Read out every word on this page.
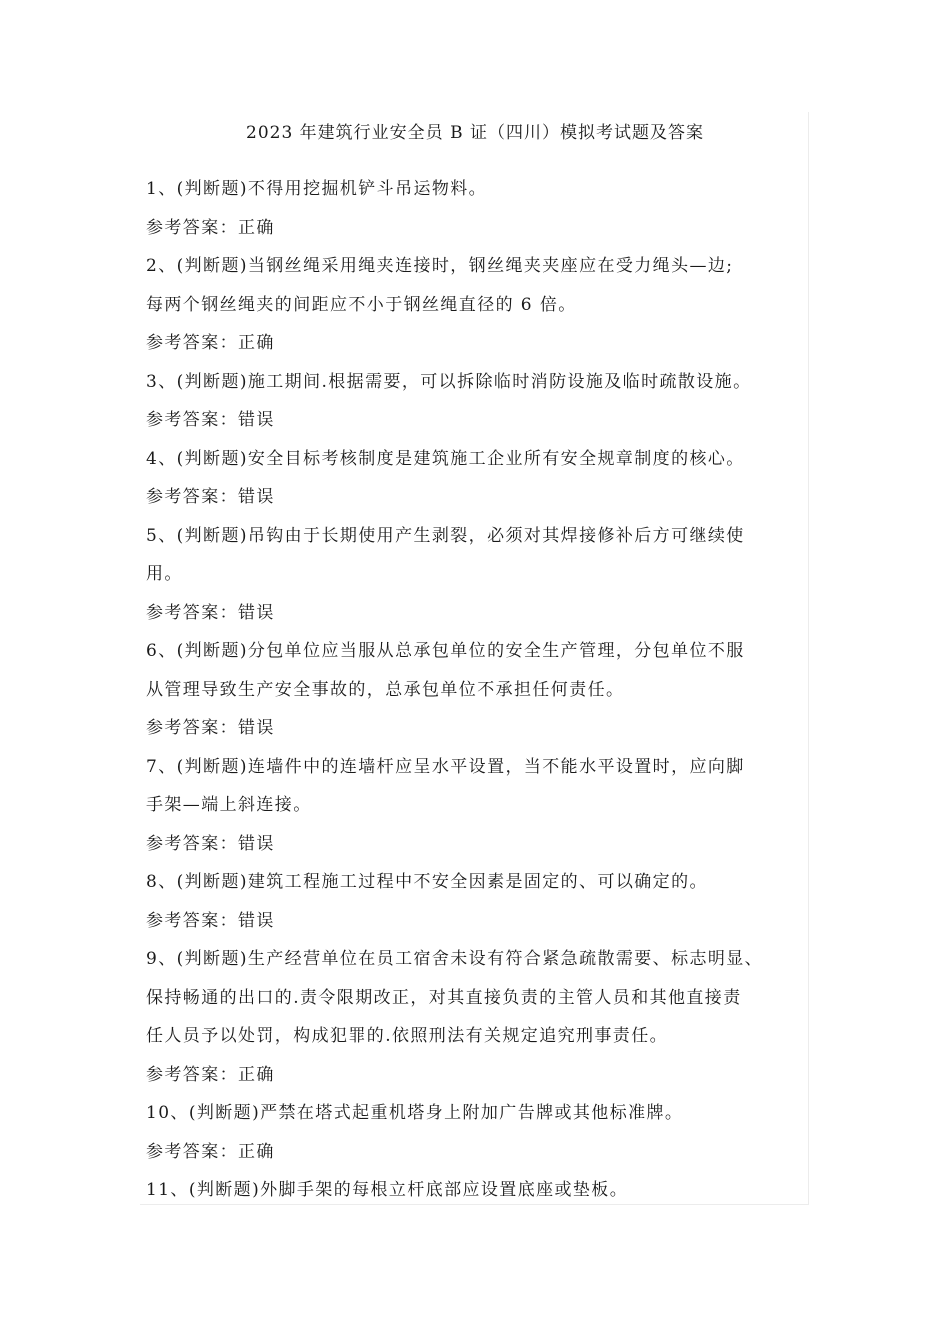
2023 年建筑行业安全员 B 证（四川）模拟考试题及答案
1、(判断题)不得用挖掘机铲斗吊运物料。
参考答案：正确
2、(判断题)当钢丝绳采用绳夹连接时，钢丝绳夹夹座应在受力绳头—边;
每两个钢丝绳夹的间距应不小于钢丝绳直径的 6 倍。
参考答案：正确
3、(判断题)施工期间.根据需要，可以拆除临时消防设施及临时疏散设施。
参考答案：错误
4、(判断题)安全目标考核制度是建筑施工企业所有安全规章制度的核心。
参考答案：错误
5、(判断题)吊钩由于长期使用产生剥裂，必须对其焊接修补后方可继续使
用。
参考答案：错误
6、(判断题)分包单位应当服从总承包单位的安全生产管理，分包单位不服
从管理导致生产安全事故的，总承包单位不承担任何责任。
参考答案：错误
7、(判断题)连墙件中的连墙杆应呈水平设置，当不能水平设置时，应向脚
手架—端上斜连接。
参考答案：错误
8、(判断题)建筑工程施工过程中不安全因素是固定的、可以确定的。
参考答案：错误
9、(判断题)生产经营单位在员工宿舍未设有符合紧急疏散需要、标志明显、
保持畅通的出口的.责令限期改正，对其直接负责的主管人员和其他直接责
任人员予以处罚，构成犯罪的.依照刑法有关规定追究刑事责任。
参考答案：正确
10、(判断题)严禁在塔式起重机塔身上附加广告牌或其他标准牌。
参考答案：正确
11、(判断题)外脚手架的每根立杆底部应设置底座或垫板。
